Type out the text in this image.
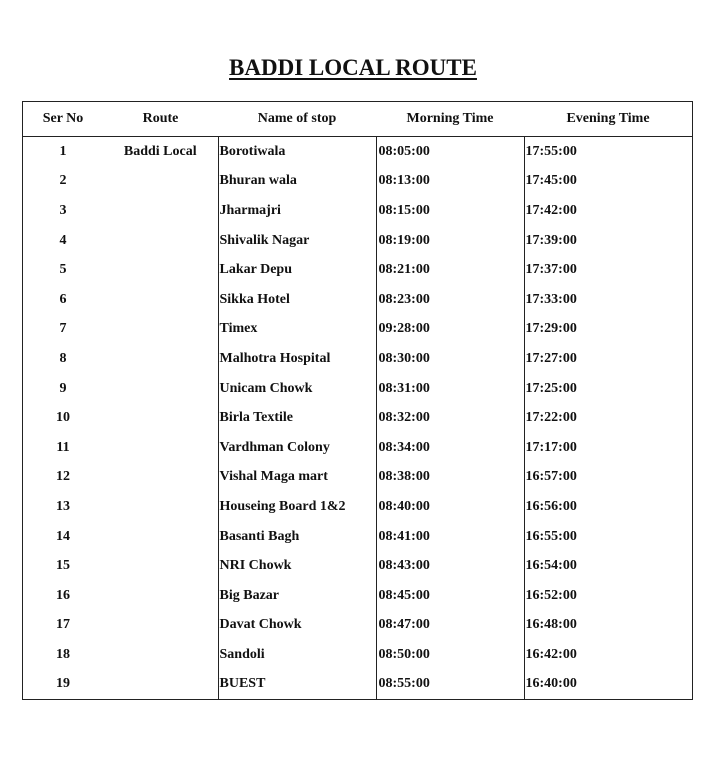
BADDI LOCAL ROUTE
Ser No	Route	Name of stop	Morning Time	Evening Time
1	Baddi Local	Borotiwala	08:05:00	17:55:00
2		Bhuran wala	08:13:00	17:45:00
3		Jharmajri	08:15:00	17:42:00
4		Shivalik Nagar	08:19:00	17:39:00
5		Lakar Depu	08:21:00	17:37:00
6		Sikka Hotel	08:23:00	17:33:00
7		Timex	09:28:00	17:29:00
8		Malhotra Hospital	08:30:00	17:27:00
9		Unicam Chowk	08:31:00	17:25:00
10		Birla Textile	08:32:00	17:22:00
11		Vardhman Colony	08:34:00	17:17:00
12		Vishal Maga mart	08:38:00	16:57:00
13		Houseing Board 1&2	08:40:00	16:56:00
14		Basanti Bagh	08:41:00	16:55:00
15		NRI Chowk	08:43:00	16:54:00
16		Big Bazar	08:45:00	16:52:00
17		Davat Chowk	08:47:00	16:48:00
18		Sandoli	08:50:00	16:42:00
19		BUEST	08:55:00	16:40:00
